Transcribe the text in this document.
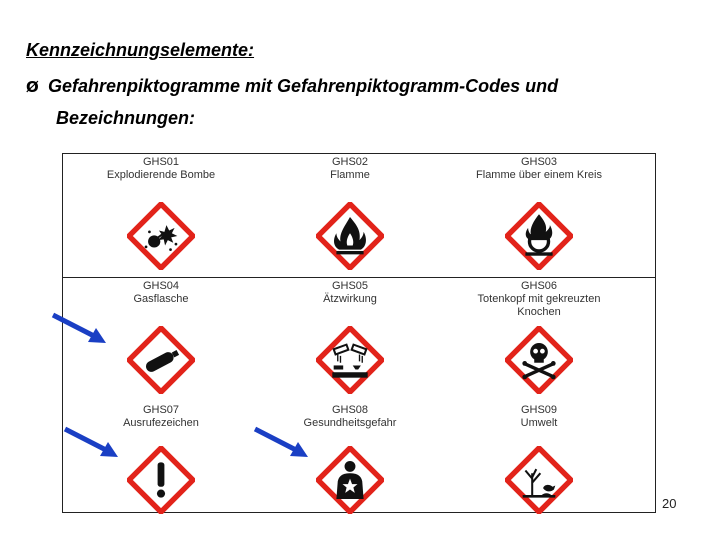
Kennzeichnungselemente:
Ø Gefahrenpiktogramme mit Gefahrenpiktogramm-Codes und
Bezeichnungen:
GHS01
Explodierende Bombe
GHS02
Flamme
GHS03
Flamme über einem Kreis
GHS04
Gasflasche
GHS05
Ätzwirkung
GHS06
Totenkopf mit gekreuzten Knochen
GHS07
Ausrufezeichen
GHS08
Gesundheitsgefahr
GHS09
Umwelt
20
